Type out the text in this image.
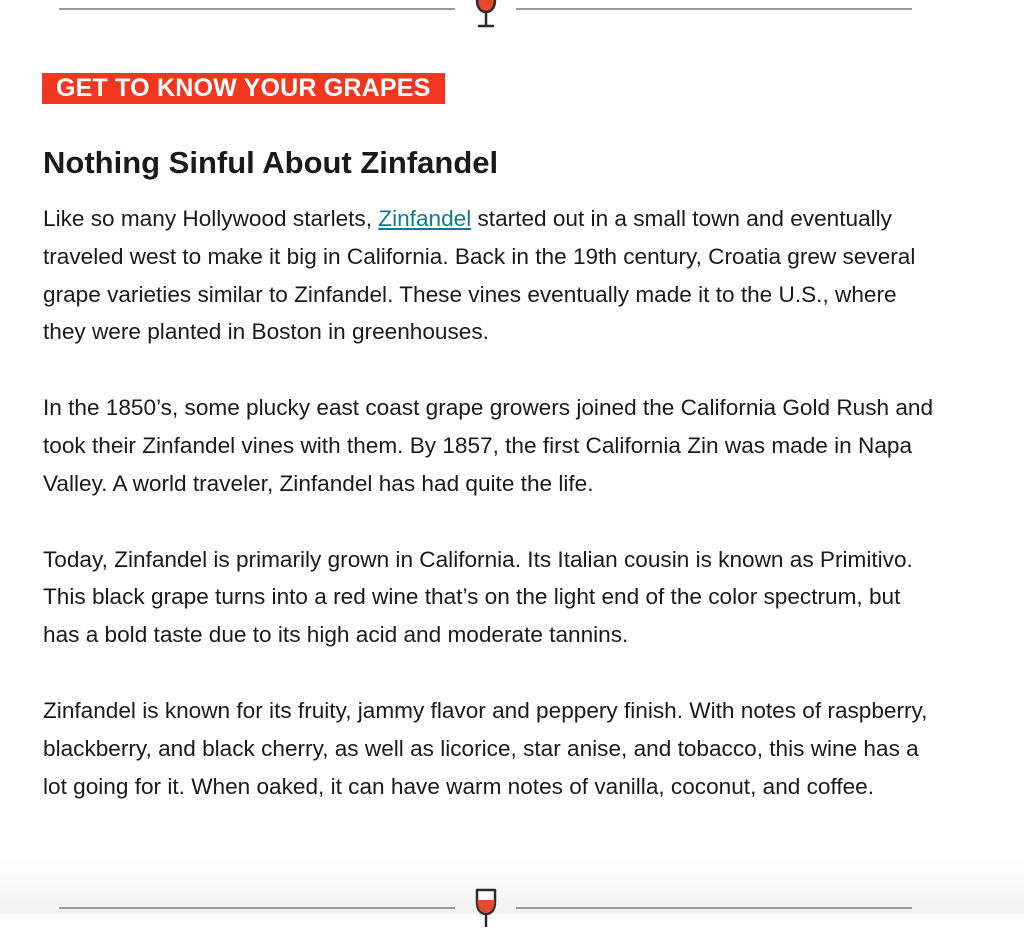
GET TO KNOW YOUR GRAPES
Nothing Sinful About Zinfandel

Like so many Hollywood starlets, Zinfandel started out in a small town and eventually traveled west to make it big in California. Back in the 19th century, Croatia grew several grape varieties similar to Zinfandel. These vines eventually made it to the U.S., where they were planted in Boston in greenhouses.

In the 1850’s, some plucky east coast grape growers joined the California Gold Rush and took their Zinfandel vines with them. By 1857, the first California Zin was made in Napa Valley. A world traveler, Zinfandel has had quite the life.

Today, Zinfandel is primarily grown in California. Its Italian cousin is known as Primitivo. This black grape turns into a red wine that’s on the light end of the color spectrum, but has a bold taste due to its high acid and moderate tannins.

Zinfandel is known for its fruity, jammy flavor and peppery finish. With notes of raspberry, blackberry, and black cherry, as well as licorice, star anise, and tobacco, this wine has a lot going for it. When oaked, it can have warm notes of vanilla, coconut, and coffee.
